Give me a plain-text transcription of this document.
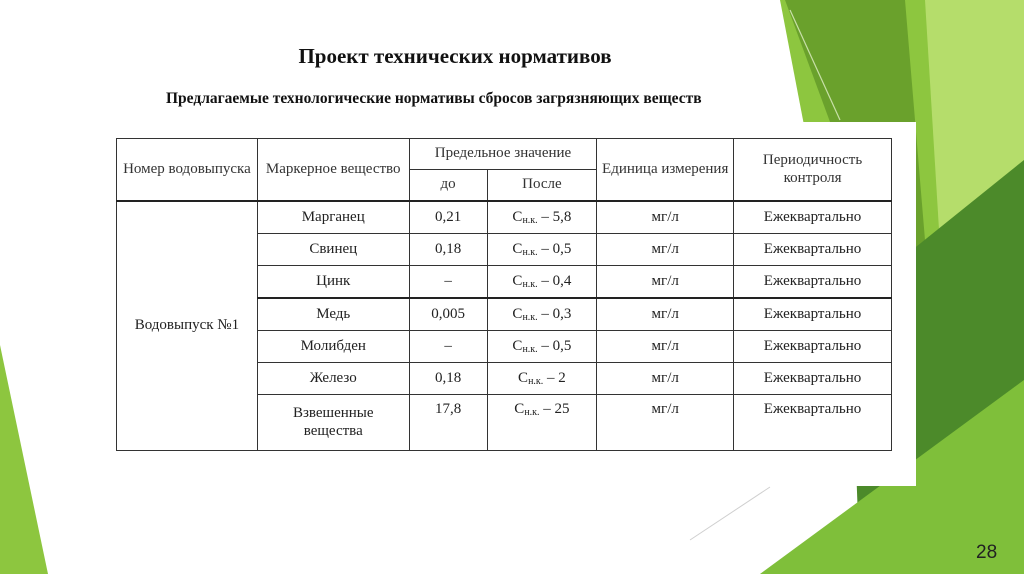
Проект технических нормативов
Предлагаемые технологические нормативы сбросов загрязняющих веществ
Номер водовыпуска	Маркерное вещество	Предельное значение		Единица измерения	Периодичность контроля
		до	После		
Водовыпуск №1	Марганец	0,21	$С_{н.к.} - 5,8$	мг/л	Ежеквартально
	Свинец	0,18	$С_{н.к.} - 0,5$	мг/л	Ежеквартально
	Цинк	–	$С_{н.к.} - 0,4$	мг/л	Ежеквартально
	Медь	0,005	$С_{н.к.} - 0,3$	мг/л	Ежеквартально
	Молибден	–	$С_{н.к.} - 0,5$	мг/л	Ежеквартально
	Железо	0,18	$С_{н.к.} - 2$	мг/л	Ежеквартально
	Взвешенные вещества	17,8	$С_{н.к.} - 25$	мг/л	Ежеквартально
28
